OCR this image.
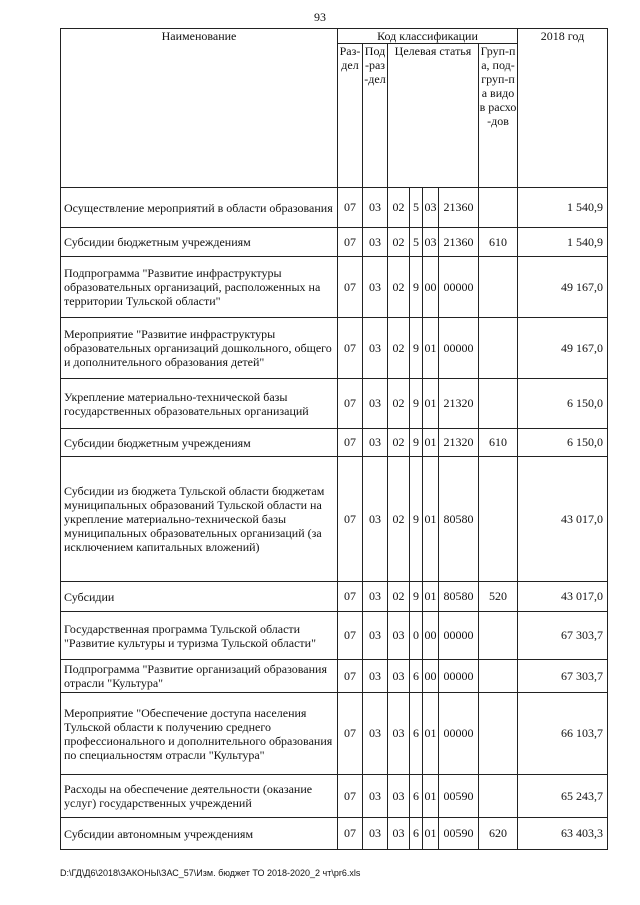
93
Наименование	Код классификации							2018 год
	Раз-дел	Под-раз-дел	Целевая статья				Груп-па, под-груп-па видов расхо-дов	
Осуществление мероприятий в области образования	07	03	02	5	03	21360		1 540,9
Субсидии бюджетным учреждениям	07	03	02	5	03	21360	610	1 540,9
Подпрограмма "Развитие инфраструктуры образовательных организаций, расположенных на территории Тульской области"	07	03	02	9	00	00000		49 167,0
Мероприятие "Развитие инфраструктуры образовательных организаций дошкольного, общего и дополнительного образования детей"	07	03	02	9	01	00000		49 167,0
Укрепление материально-технической базы государственных образовательных организаций	07	03	02	9	01	21320		6 150,0
Субсидии бюджетным учреждениям	07	03	02	9	01	21320	610	6 150,0
Субсидии из бюджета Тульской области бюджетам муниципальных образований Тульской области на укрепление материально-технической базы муниципальных образовательных организаций (за исключением капитальных вложений)	07	03	02	9	01	80580		43 017,0
Субсидии	07	03	02	9	01	80580	520	43 017,0
Государственная программа Тульской области "Развитие культуры и туризма Тульской области"	07	03	03	0	00	00000		67 303,7
Подпрограмма "Развитие организаций образования отрасли "Культура"	07	03	03	6	00	00000		67 303,7
Мероприятие "Обеспечение доступа населения Тульской области к получению среднего профессионального и дополнительного образования по специальностям отрасли "Культура"	07	03	03	6	01	00000		66 103,7
Расходы на обеспечение деятельности (оказание услуг) государственных учреждений	07	03	03	6	01	00590		65 243,7
Субсидии автономным учреждениям	07	03	03	6	01	00590	620	63 403,3
D:\ГД\Д6\2018\ЗАКОНЫ\ЗАС_57\Изм. бюджет ТО 2018-2020_2 чт\pr6.xls
